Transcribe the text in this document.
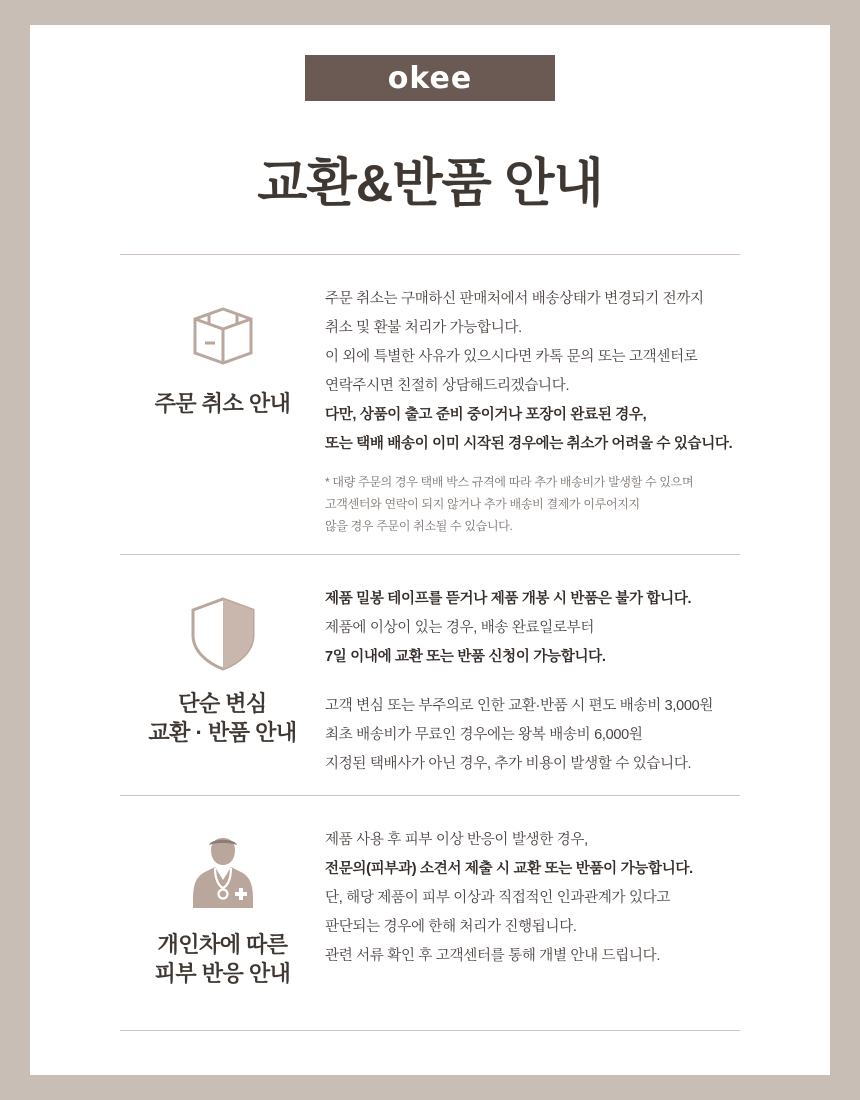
okee
교환&반품 안내
주문 취소 안내
주문 취소는 구매하신 판매처에서 배송상태가 변경되기 전까지
취소 및 환불 처리가 가능합니다.
이 외에 특별한 사유가 있으시다면 카톡 문의 또는 고객센터로
연락주시면 친절히 상담해드리겠습니다.
다만, 상품이 출고 준비 중이거나 포장이 완료된 경우,
또는 택배 배송이 이미 시작된 경우에는 취소가 어려울 수 있습니다.
* 대량 주문의 경우 택배 박스 규격에 따라 추가 배송비가 발생할 수 있으며
고객센터와 연락이 되지 않거나 추가 배송비 결제가 이루어지지
않을 경우 주문이 취소될 수 있습니다.
단순 변심
교환 · 반품 안내
제품 밀봉 테이프를 뜯거나 제품 개봉 시 반품은 불가 합니다.
제품에 이상이 있는 경우, 배송 완료일로부터
7일 이내에 교환 또는 반품 신청이 가능합니다.
고객 변심 또는 부주의로 인한 교환·반품 시 편도 배송비 3,000원
최초 배송비가 무료인 경우에는 왕복 배송비 6,000원
지정된 택배사가 아닌 경우, 추가 비용이 발생할 수 있습니다.
개인차에 따른
피부 반응 안내
제품 사용 후 피부 이상 반응이 발생한 경우,
전문의(피부과) 소견서 제출 시 교환 또는 반품이 가능합니다.
단, 해당 제품이 피부 이상과 직접적인 인과관계가 있다고
판단되는 경우에 한해 처리가 진행됩니다.
관련 서류 확인 후 고객센터를 통해 개별 안내 드립니다.
